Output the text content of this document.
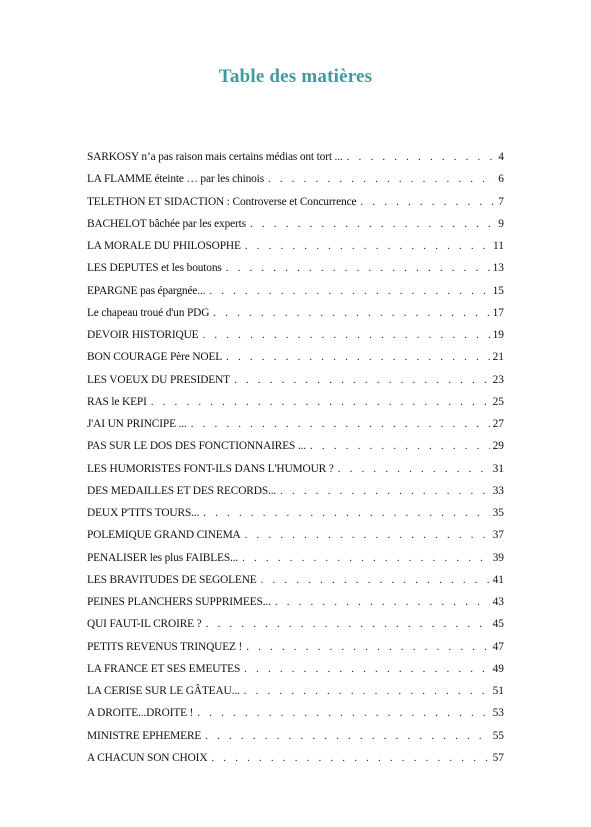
Table des matières
SARKOSY n’a pas raison mais certains médias ont tort ... . . .	4
LA FLAMME éteinte … par les chinois . . .	6
TELETHON ET SIDACTION : Controverse et Concurrence . . .	7
BACHELOT bâchée par les experts . . .	9
LA MORALE DU PHILOSOPHE . . .	11
LES DEPUTES et les boutons . . .	13
EPARGNE pas épargnée... . . .	15
Le chapeau troué d'un PDG . . .	17
DEVOIR HISTORIQUE . . .	19
BON COURAGE Père NOEL . . .	21
LES VOEUX DU PRESIDENT . . .	23
RAS le KEPI . . .	25
J'AI UN PRINCIPE ... . . .	27
PAS SUR LE DOS DES FONCTIONNAIRES ... . . .	29
LES HUMORISTES FONT-ILS DANS L'HUMOUR ? . . .	31
DES MEDAILLES ET DES RECORDS... . . .	33
DEUX P'TITS TOURS... . . .	35
POLEMIQUE GRAND CINEMA . . .	37
PENALISER les plus FAIBLES... . . .	39
LES BRAVITUDES DE SEGOLENE . . .	41
PEINES PLANCHERS SUPPRIMEES... . . .	43
QUI FAUT-IL CROIRE ? . . .	45
PETITS REVENUS TRINQUEZ ! . . .	47
LA FRANCE ET SES EMEUTES . . .	49
LA CERISE SUR LE GÂTEAU... . . .	51
A DROITE...DROITE ! . . .	53
MINISTRE EPHEMERE . . .	55
A CHACUN SON CHOIX . . .	57
